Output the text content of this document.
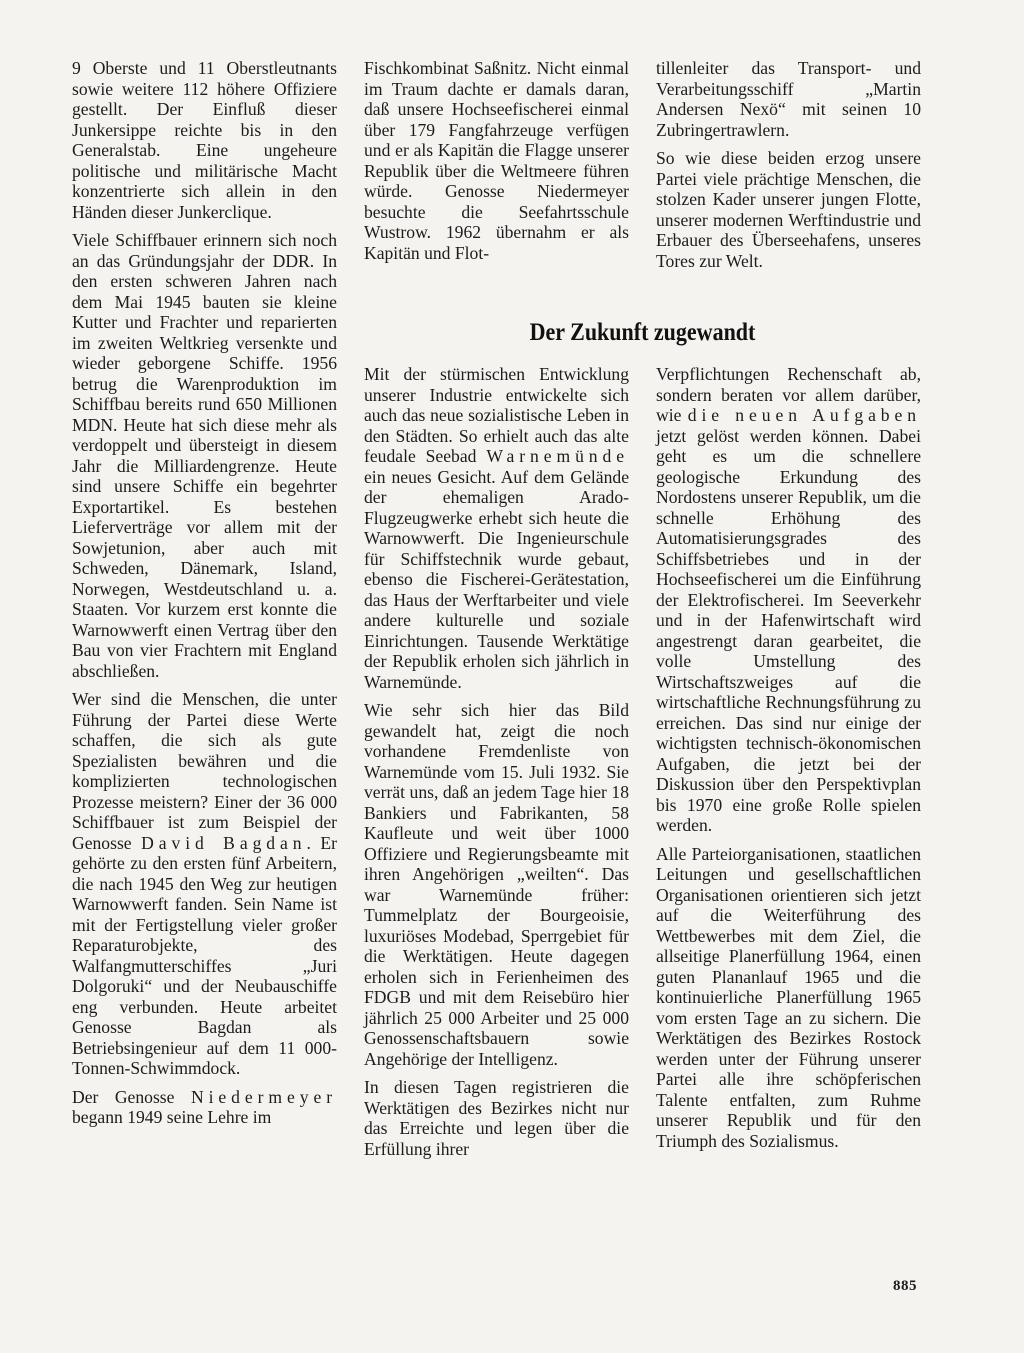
9 Oberste und 11 Oberstleutnants sowie weitere 112 höhere Offiziere gestellt. Der Einfluß dieser Junkersippe reichte bis in den Generalstab. Eine ungeheure politische und militärische Macht konzentrierte sich allein in den Händen dieser Junkerclique.

Viele Schiffbauer erinnern sich noch an das Gründungsjahr der DDR. In den ersten schweren Jahren nach dem Mai 1945 bauten sie kleine Kutter und Frachter und reparierten im zweiten Weltkrieg versenkte und wieder geborgene Schiffe. 1956 betrug die Warenproduktion im Schiffbau bereits rund 650 Millionen MDN. Heute hat sich diese mehr als verdoppelt und übersteigt in diesem Jahr die Milliardengrenze. Heute sind unsere Schiffe ein begehrter Exportartikel. Es bestehen Lieferverträge vor allem mit der Sowjetunion, aber auch mit Schweden, Dänemark, Island, Norwegen, Westdeutschland u. a. Staaten. Vor kurzem erst konnte die Warnowwerft einen Vertrag über den Bau von vier Frachtern mit England abschließen.

Wer sind die Menschen, die unter Führung der Partei diese Werte schaffen, die sich als gute Spezialisten bewähren und die komplizierten technologischen Prozesse meistern? Einer der 36 000 Schiffbauer ist zum Beispiel der Genosse David Bagdan. Er gehörte zu den ersten fünf Arbeitern, die nach 1945 den Weg zur heutigen Warnowwerft fanden. Sein Name ist mit der Fertigstellung vieler großer Reparaturobjekte, des Walfangmutterschiffes „Juri Dolgoruki“ und der Neubauschiffe eng verbunden. Heute arbeitet Genosse Bagdan als Betriebsingenieur auf dem 11 000-Tonnen-Schwimmdock.

Der Genosse Niedermeyer begann 1949 seine Lehre im

Fischkombinat Saßnitz. Nicht einmal im Traum dachte er damals daran, daß unsere Hochseefischerei einmal über 179 Fangfahrzeuge verfügen und er als Kapitän die Flagge unserer Republik über die Weltmeere führen würde. Genosse Niedermeyer besuchte die Seefahrtsschule Wustrow. 1962 übernahm er als Kapitän und Flot-

tillenleiter das Transport- und Verarbeitungsschiff „Martin Andersen Nexö“ mit seinen 10 Zubringertrawlern.

So wie diese beiden erzog unsere Partei viele prächtige Menschen, die stolzen Kader unserer jungen Flotte, unserer modernen Werftindustrie und Erbauer des Überseehafens, unseres Tores zur Welt.

Der Zukunft zugewandt

Mit der stürmischen Entwicklung unserer Industrie entwickelte sich auch das neue sozialistische Leben in den Städten. So erhielt auch das alte feudale Seebad Warnemünde ein neues Gesicht. Auf dem Gelände der ehemaligen Arado-Flugzeugwerke erhebt sich heute die Warnowwerft. Die Ingenieurschule für Schiffstechnik wurde gebaut, ebenso die Fischerei-Gerätestation, das Haus der Werftarbeiter und viele andere kulturelle und soziale Einrichtungen. Tausende Werktätige der Republik erholen sich jährlich in Warnemünde.

Wie sehr sich hier das Bild gewandelt hat, zeigt die noch vorhandene Fremdenliste von Warnemünde vom 15. Juli 1932. Sie verrät uns, daß an jedem Tage hier 18 Bankiers und Fabrikanten, 58 Kaufleute und weit über 1000 Offiziere und Regierungsbeamte mit ihren Angehörigen „weilten“. Das war Warnemünde früher: Tummelplatz der Bourgeoisie, luxuriöses Modebad, Sperrgebiet für die Werktätigen. Heute dagegen erholen sich in Ferienheimen des FDGB und mit dem Reisebüro hier jährlich 25 000 Arbeiter und 25 000 Genossenschaftsbauern sowie Angehörige der Intelligenz.

In diesen Tagen registrieren die Werktätigen des Bezirkes nicht nur das Erreichte und legen über die Erfüllung ihrer

Verpflichtungen Rechenschaft ab, sondern beraten vor allem darüber, wie die neuen Aufgaben jetzt gelöst werden können. Dabei geht es um die schnellere geologische Erkundung des Nordostens unserer Republik, um die schnelle Erhöhung des Automatisierungsgrades des Schiffsbetriebes und in der Hochseefischerei um die Einführung der Elektrofischerei. Im Seeverkehr und in der Hafenwirtschaft wird angestrengt daran gearbeitet, die volle Umstellung des Wirtschaftszweiges auf die wirtschaftliche Rechnungsführung zu erreichen. Das sind nur einige der wichtigsten technisch-ökonomischen Aufgaben, die jetzt bei der Diskussion über den Perspektivplan bis 1970 eine große Rolle spielen werden.

Alle Parteiorganisationen, staatlichen Leitungen und gesellschaftlichen Organisationen orientieren sich jetzt auf die Weiterführung des Wettbewerbes mit dem Ziel, die allseitige Planerfüllung 1964, einen guten Plananlauf 1965 und die kontinuierliche Planerfüllung 1965 vom ersten Tage an zu sichern. Die Werktätigen des Bezirkes Rostock werden unter der Führung unserer Partei alle ihre schöpferischen Talente entfalten, zum Ruhme unserer Republik und für den Triumph des Sozialismus.

885
